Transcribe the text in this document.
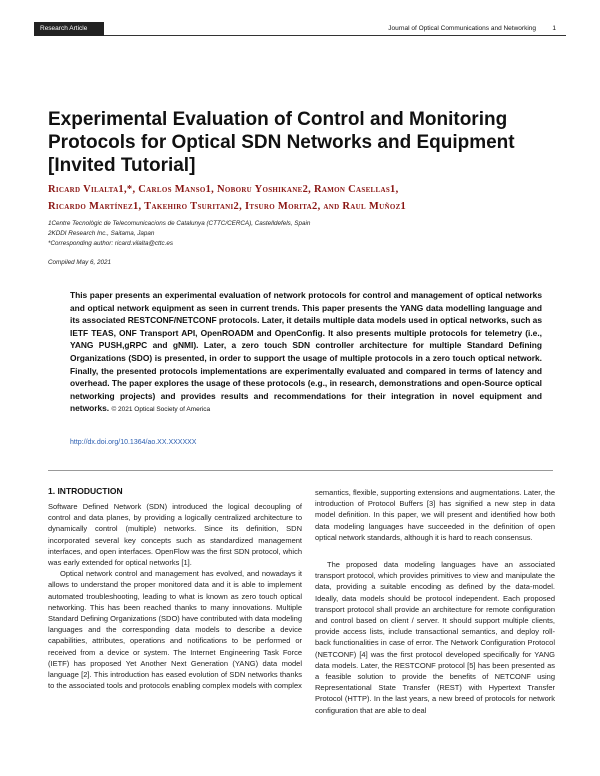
Research Article	Journal of Optical Communications and Networking	1
Experimental Evaluation of Control and Monitoring Protocols for Optical SDN Networks and Equipment [Invited Tutorial]
Ricard Vilalta1,*, Carlos Manso1, Noboru Yoshikane2, Ramon Casellas1,
Ricardo Martínez1, Takehiro Tsuritani2, Itsuro Morita2, and Raul Muñoz1
1Centre Tecnològic de Telecomunicacions de Catalunya (CTTC/CERCA), Castelldefels, Spain
2KDDI Research Inc., Saitama, Japan
*Corresponding author: ricard.vilalta@cttc.es
Compiled May 6, 2021
This paper presents an experimental evaluation of network protocols for control and management of optical networks and optical network equipment as seen in current trends. This paper presents the YANG data modelling language and its associated RESTCONF/NETCONF protocols. Later, it details multiple data models used in optical networks, such as IETF TEAS, ONF Transport API, OpenROADM and OpenConfig. It also presents multiple protocols for telemetry (i.e., YANG PUSH,gRPC and gNMI). Later, a zero touch SDN controller architecture for multiple Standard Defining Organizations (SDO) is presented, in order to support the usage of multiple protocols in a zero touch optical network. Finally, the presented protocols implementations are experimentally evaluated and compared in terms of latency and overhead. The paper explores the usage of these protocols (e.g., in research, demonstrations and open-Source optical networking projects) and provides results and recommendations for their integration in novel equipment and networks. © 2021 Optical Society of America
http://dx.doi.org/10.1364/ao.XX.XXXXXX
1. INTRODUCTION

Software Defined Network (SDN) introduced the logical decoupling of control and data planes, by providing a logically centralized architecture to dynamically control (multiple) networks. Since its definition, SDN incorporated several key concepts such as standardized management interfaces, and open interfaces. OpenFlow was the first SDN protocol, which was early extended for optical networks [1].

Optical network control and management has evolved, and nowadays it allows to understand the proper monitored data and it is able to implement automated troubleshooting, leading to what is known as zero touch optical networking. This has been reached thanks to many innovations. Multiple Standard Defining Organizations (SDO) have contributed with data modeling languages and the corresponding data models to describe a device capabilities, attributes, operations and notifications to be performed or received from a device or system. The Internet Engineering Task Force (IETF) has proposed Yet Another Next Generation (YANG) data model language [2]. This introduction has eased evolution of SDN networks thanks to the associated tools and protocols enabling complex models with complex

semantics, flexible, supporting extensions and augmentations. Later, the introduction of Protocol Buffers [3] has signified a new step in data model definition. In this paper, we will present and identified how both data modeling languages have succeeded in the definition of open optical network standards, although it is hard to reach consensus.

The proposed data modeling languages have an associated transport protocol, which provides primitives to view and manipulate the data, providing a suitable encoding as defined by the data-model. Ideally, data models should be protocol independent. Each proposed transport protocol shall provide an architecture for remote configuration and control based on client / server. It should support multiple clients, provide access lists, include transactional semantics, and deploy roll-back functionalities in case of error. The Network Configuration Protocol (NETCONF) [4] was the first protocol developed specifically for YANG data models. Later, the RESTCONF protocol [5] has been presented as a feasible solution to provide the benefits of NETCONF using Representational State Transfer (REST) with Hypertext Transfer Protocol (HTTP). In the last years, a new breed of protocols for network configuration that are able to deal
